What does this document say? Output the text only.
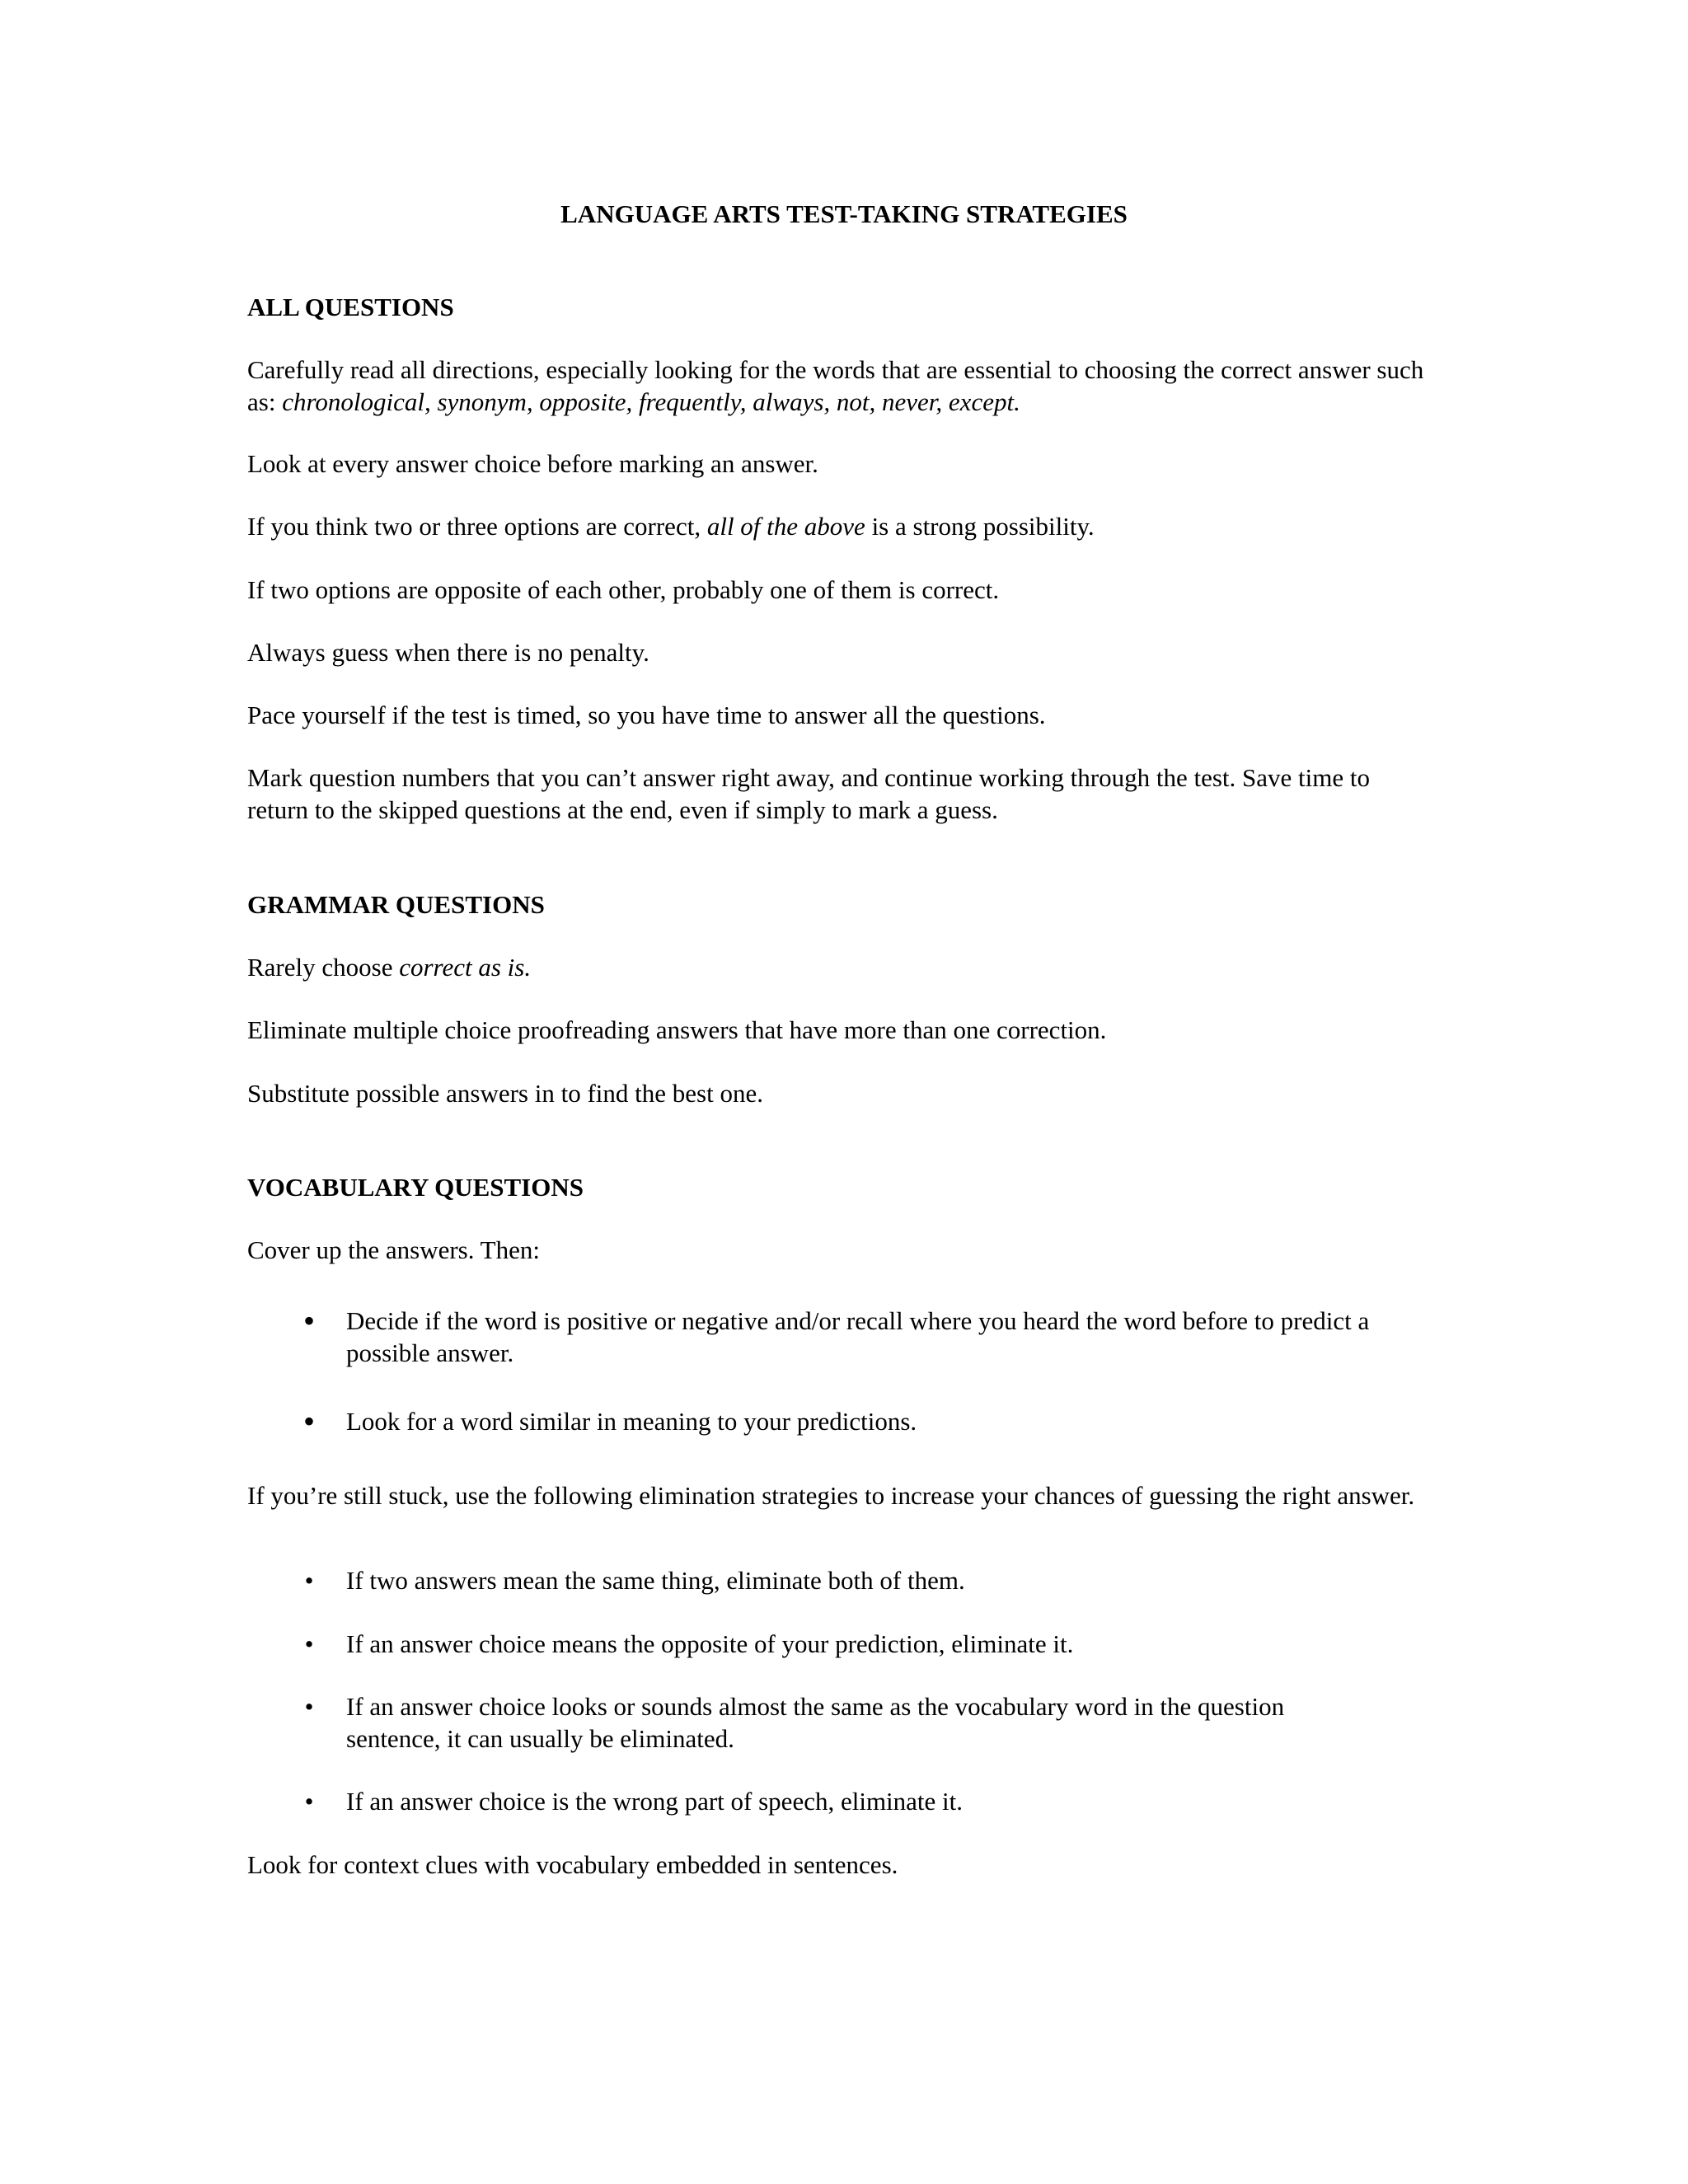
LANGUAGE ARTS TEST-TAKING STRATEGIES
ALL QUESTIONS

Carefully read all directions, especially looking for the words that are essential to choosing the correct answer such as: chronological, synonym, opposite, frequently, always, not, never, except.

Look at every answer choice before marking an answer.

If you think two or three options are correct, all of the above is a strong possibility.

If two options are opposite of each other, probably one of them is correct.

Always guess when there is no penalty.

Pace yourself if the test is timed, so you have time to answer all the questions.

Mark question numbers that you can’t answer right away, and continue working through the test. Save time to return to the skipped questions at the end, even if simply to mark a guess.

GRAMMAR QUESTIONS

Rarely choose correct as is.

Eliminate multiple choice proofreading answers that have more than one correction.

Substitute possible answers in to find the best one.

VOCABULARY QUESTIONS

Cover up the answers. Then:

• Decide if the word is positive or negative and/or recall where you heard the word before to predict a possible answer.

• Look for a word similar in meaning to your predictions.

If you’re still stuck, use the following elimination strategies to increase your chances of guessing the right answer.

•	If two answers mean the same thing, eliminate both of them.

•	If an answer choice means the opposite of your prediction, eliminate it.

•	If an answer choice looks or sounds almost the same as the vocabulary word in the question sentence, it can usually be eliminated.

•	If an answer choice is the wrong part of speech, eliminate it.

Look for context clues with vocabulary embedded in sentences.
